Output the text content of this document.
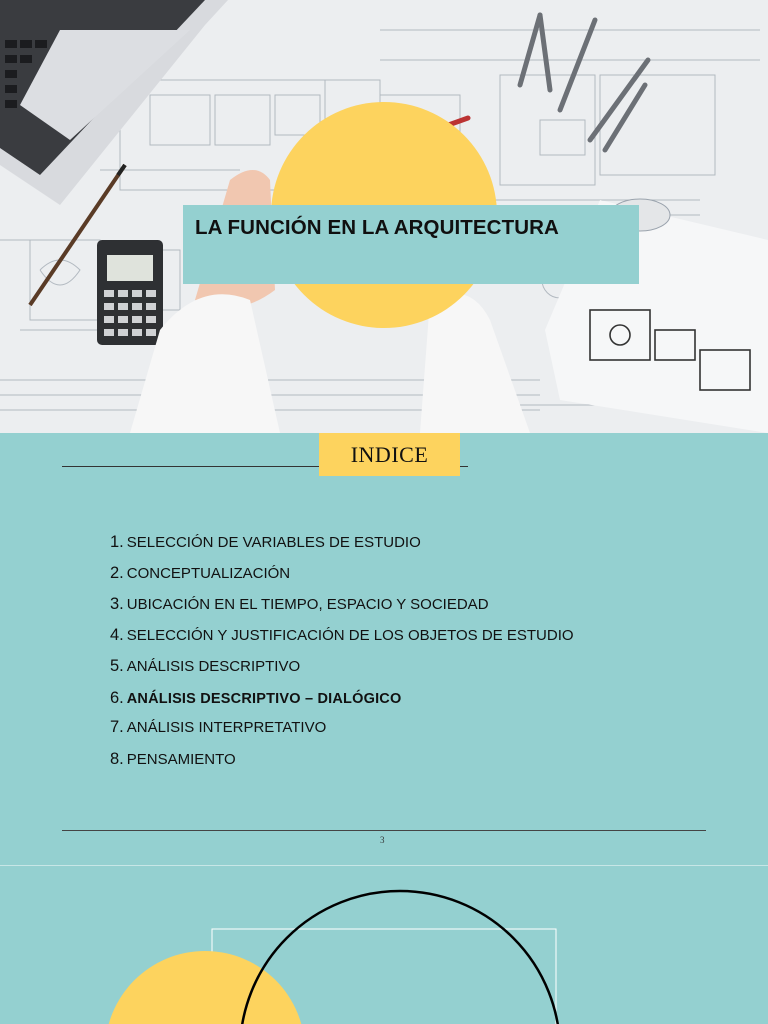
LA FUNCIÓN EN LA ARQUITECTURA
INDICE
1. SELECCIÓN DE VARIABLES DE ESTUDIO
2. CONCEPTUALIZACIÓN
3. UBICACIÓN EN EL TIEMPO, ESPACIO Y SOCIEDAD
4. SELECCIÓN Y JUSTIFICACIÓN DE LOS OBJETOS DE ESTUDIO
5. ANÁLISIS DESCRIPTIVO
6. ANÁLISIS DESCRIPTIVO – DIALÓGICO
7. ANÁLISIS INTERPRETATIVO
8. PENSAMIENTO
3
